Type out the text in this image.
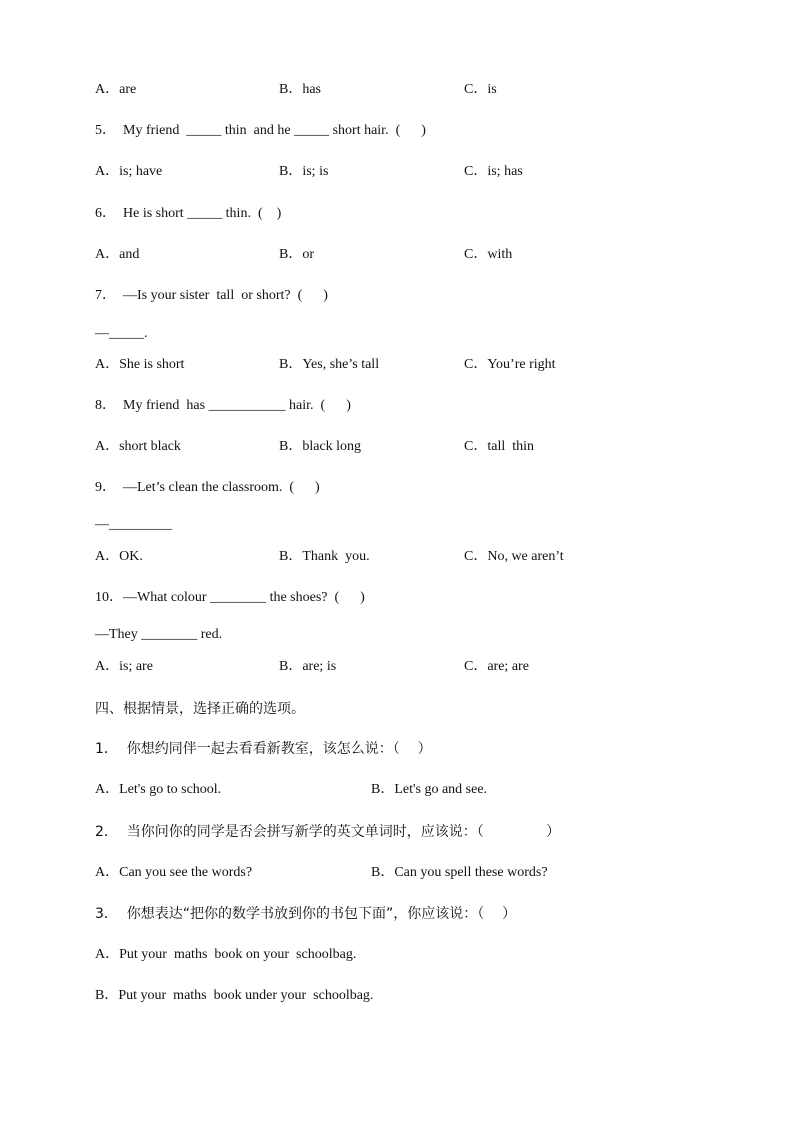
A．are	B．has	C．is
5．  My friend  _____ thin  and he _____ short hair.  (      )
A．is; have	B．is; is	C．is; has
6．  He is short _____ thin.  (    )
A．and	B．or	C．with
7．  —Is your sister  tall  or short?  (      )
—_____.
A．She is short	B．Yes, she’s tall	C．You’re right
8．  My friend  has ___________ hair.  (      )
A．short black	B．black long	C．tall  thin
9．  —Let’s clean the classroom.  (      )
—_________
A．OK.	B．Thank  you.	C．No, we aren’t
10．—What colour ________ the shoes?  (      )
—They ________ red.
A．is; are	B．are; is	C．are; are
四、根据情景，选择正确的选项。
1．  你想约同伴一起去看看新教室，该怎么说：（    ）
A．Let's go to school.	B．Let's go and see.
2．  当你问你的同学是否会拼写新学的英文单词时，应该说：（              ）
A．Can you see the words?	B．Can you spell these words?
3．  你想表达“把你的数学书放到你的书包下面”，你应该说：（    ）
A．Put your  maths  book on your  schoolbag.
B．Put your  maths  book under your  schoolbag.
